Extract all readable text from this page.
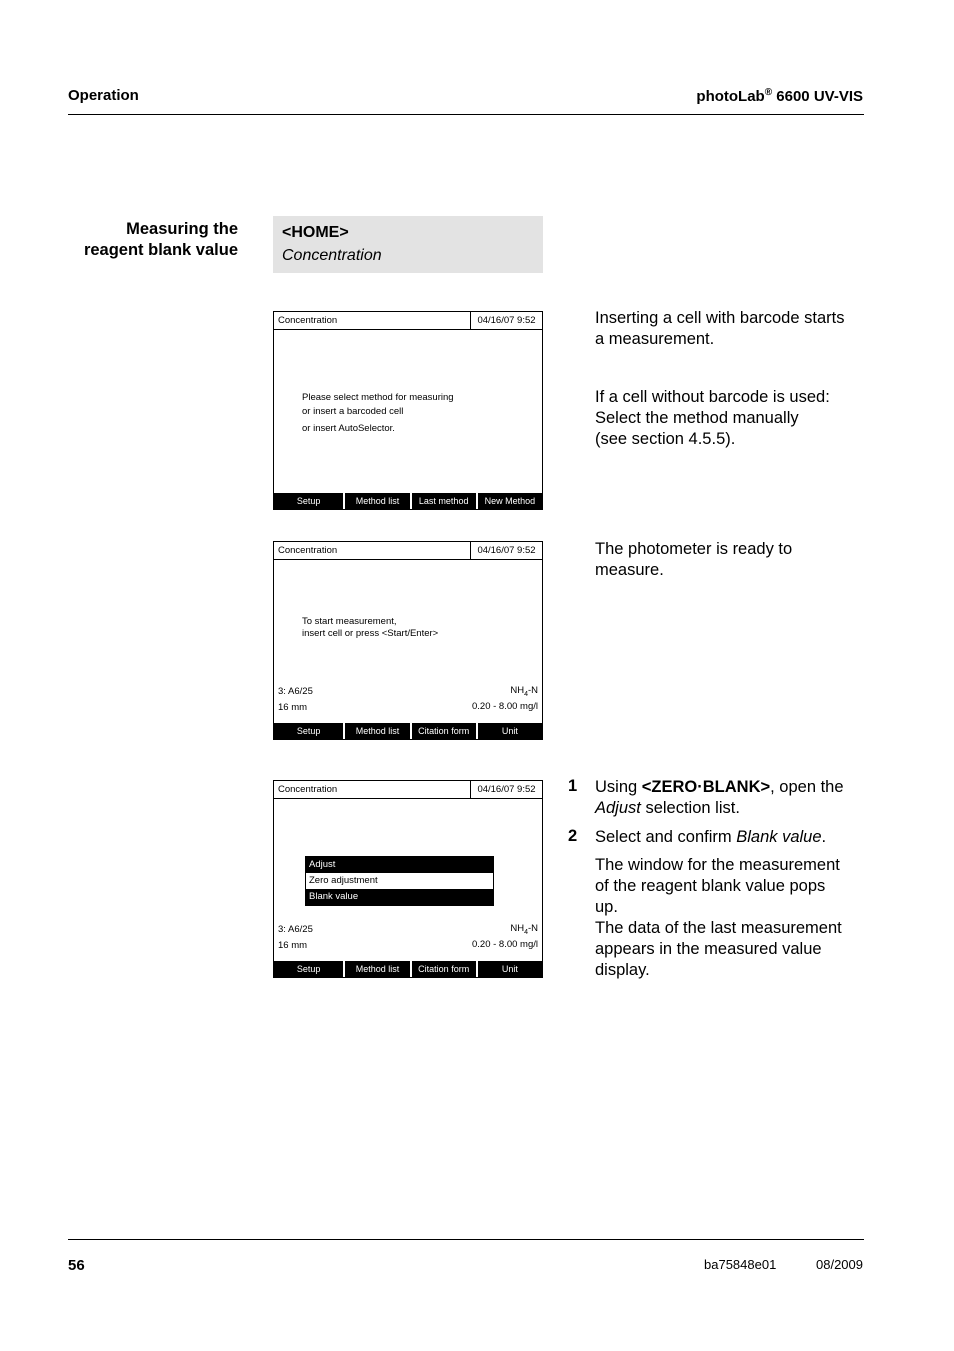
Operation	photoLab® 6600 UV-VIS
Measuring the
reagent blank value
<HOME>
Concentration
Concentration	04/16/07 9:52
Please select method for measuring
or insert a barcoded cell
or insert AutoSelector.
Setup	Method list	Last method	New Method
Concentration	04/16/07 9:52
To start measurement,
insert cell or press <Start/Enter>
3: A6/25
16 mm
$NH_4-N$
0.20 - 8.00 mg/l
Setup	Method list	Citation form	Unit
Concentration	04/16/07 9:52
Adjust
Zero adjustment
Blank value
3: A6/25
16 mm
$NH_4-N$
0.20 - 8.00 mg/l
Setup	Method list	Citation form	Unit
Inserting a cell with barcode starts
a measurement.
If a cell without barcode is used:
Select the method manually
(see section 4.5.5).
The photometer is ready to
measure.
1 Using <ZERO·BLANK>, open the
Adjust selection list.
2 Select and confirm Blank value.
The window for the measurement
of the reagent blank value pops
up.
The data of the last measurement
appears in the measured value
display.
56	ba75848e01	08/2009
